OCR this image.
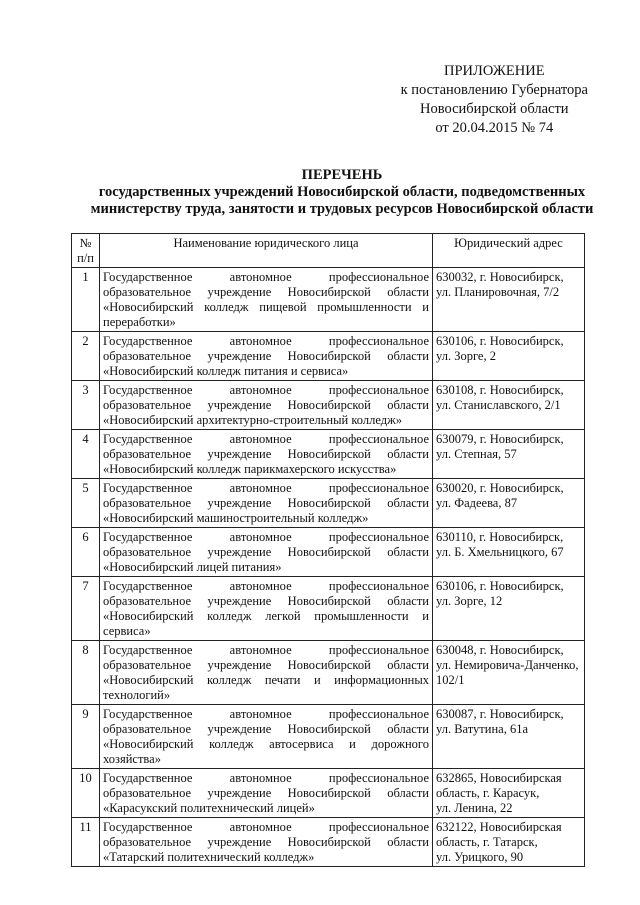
ПРИЛОЖЕНИЕ
к постановлению Губернатора
Новосибирской области
от 20.04.2015 № 74
ПЕРЕЧЕНЬ
государственных учреждений Новосибирской области, подведомственных
министерству труда, занятости и трудовых ресурсов Новосибирской области
№ п/п	Наименование юридического лица	Юридический адрес
1	Государственное автономное профессиональное образовательное учреждение Новосибирской области «Новосибирский колледж пищевой промышленности и переработки»	630032, г. Новосибирск,
ул. Планировочная, 7/2

2	Государственное автономное профессиональное образовательное учреждение Новосибирской области «Новосибирский колледж питания и сервиса»	630106, г. Новосибирск,
ул. Зорге, 2

3	Государственное автономное профессиональное образовательное учреждение Новосибирской области «Новосибирский архитектурно-строительный колледж»	630108, г. Новосибирск,
ул. Станиславского, 2/1

4	Государственное автономное профессиональное образовательное учреждение Новосибирской области «Новосибирский колледж парикмахерского искусства»	630079, г. Новосибирск,
ул. Степная, 57

5	Государственное автономное профессиональное образовательное учреждение Новосибирской области «Новосибирский машиностроительный колледж»	630020, г. Новосибирск,
ул. Фадеева, 87

6	Государственное автономное профессиональное образовательное учреждение Новосибирской области «Новосибирский лицей питания»	630110, г. Новосибирск,
ул. Б. Хмельницкого, 67

7	Государственное автономное профессиональное образовательное учреждение Новосибирской области «Новосибирский колледж легкой промышленности и сервиса»	630106, г. Новосибирск,
ул. Зорге, 12

8	Государственное автономное профессиональное образовательное учреждение Новосибирской области «Новосибирский колледж печати и информационных технологий»	630048, г. Новосибирск,
ул. Немировича-Данченко,
102/1

9	Государственное автономное профессиональное образовательное учреждение Новосибирской области «Новосибирский колледж автосервиса и дорожного хозяйства»	630087, г. Новосибирск,
ул. Ватутина, 61а

10	Государственное автономное профессиональное образовательное учреждение Новосибирской области «Карасукский политехнический лицей»	632865, Новосибирская
область, г. Карасук,
ул. Ленина, 22

11	Государственное автономное профессиональное образовательное учреждение Новосибирской области «Татарский политехнический колледж»	632122, Новосибирская
область, г. Татарск,
ул. Урицкого, 90
